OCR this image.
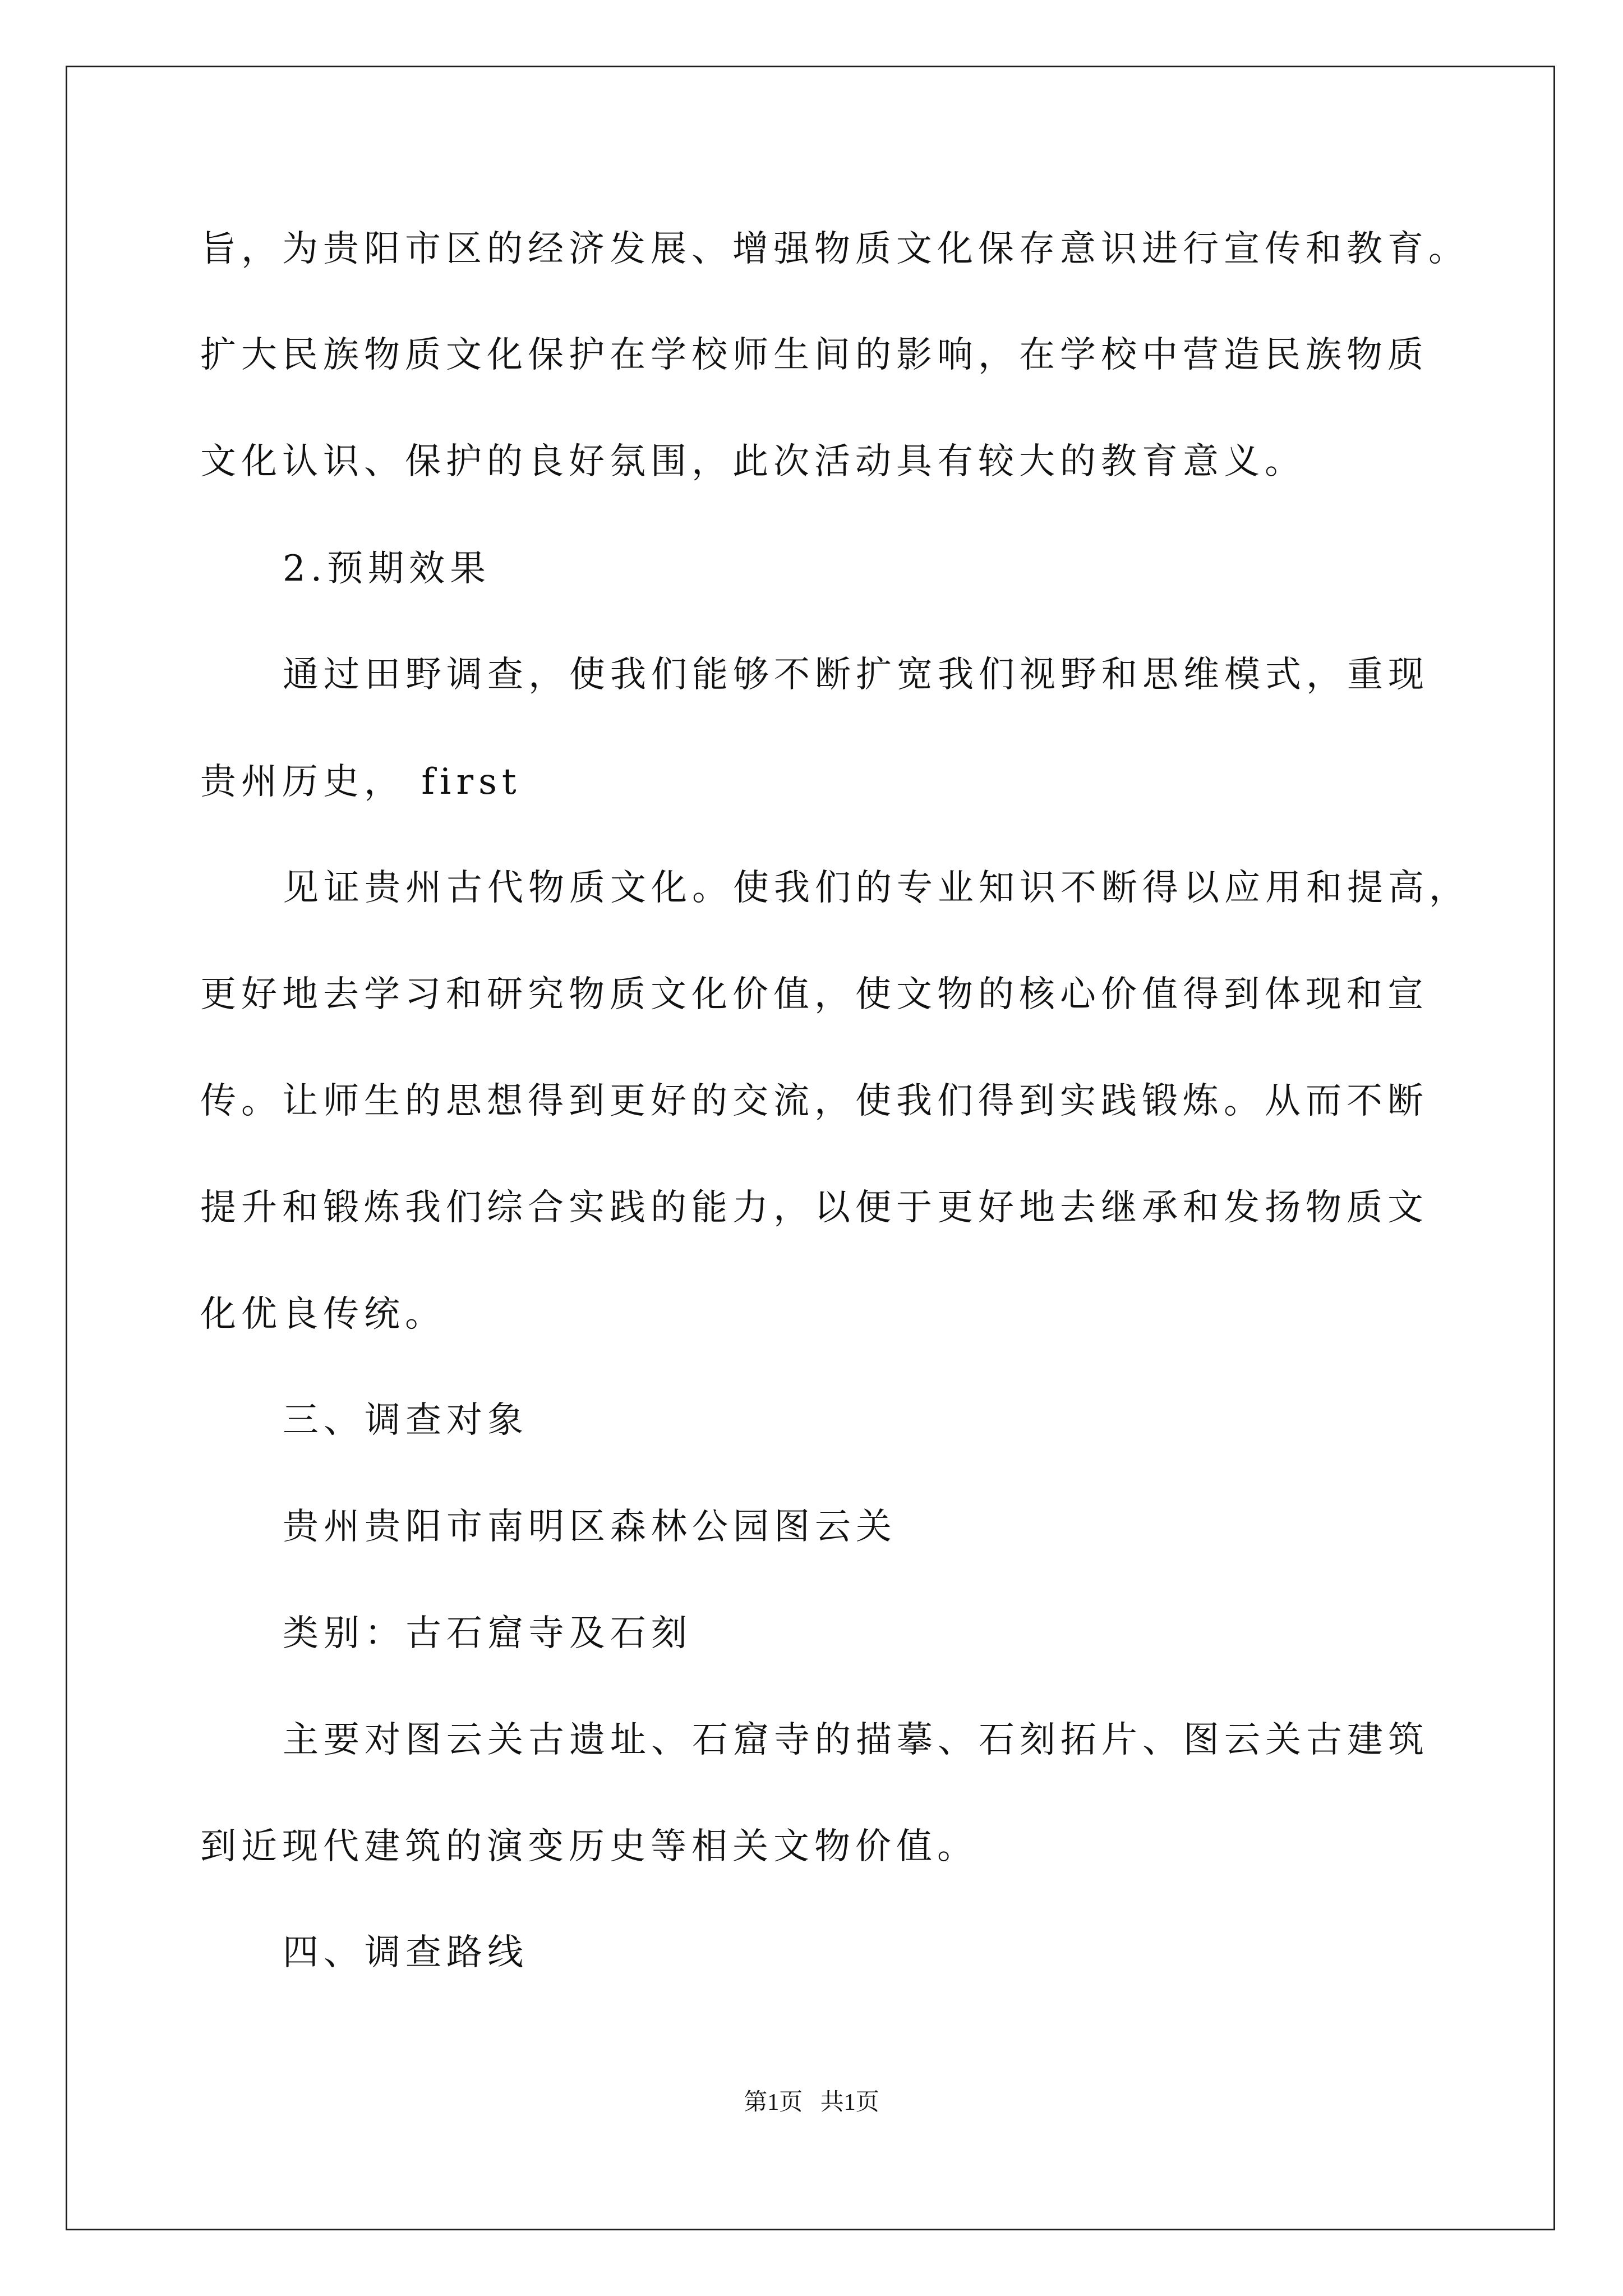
旨，为贵阳市区的经济发展、增强物质文化保存意识进行宣传和教育。
扩大民族物质文化保护在学校师生间的影响，在学校中营造民族物质
文化认识、保护的良好氛围，此次活动具有较大的教育意义。
2.预期效果
通过田野调查，使我们能够不断扩宽我们视野和思维模式，重现
贵州历史， first
见证贵州古代物质文化。使我们的专业知识不断得以应用和提高，
更好地去学习和研究物质文化价值，使文物的核心价值得到体现和宣
传。让师生的思想得到更好的交流，使我们得到实践锻炼。从而不断
提升和锻炼我们综合实践的能力，以便于更好地去继承和发扬物质文
化优良传统。
三、调查对象
贵州贵阳市南明区森林公园图云关
类别：古石窟寺及石刻
主要对图云关古遗址、石窟寺的描摹、石刻拓片、图云关古建筑
到近现代建筑的演变历史等相关文物价值。
四、调查路线
第1页   共1页
